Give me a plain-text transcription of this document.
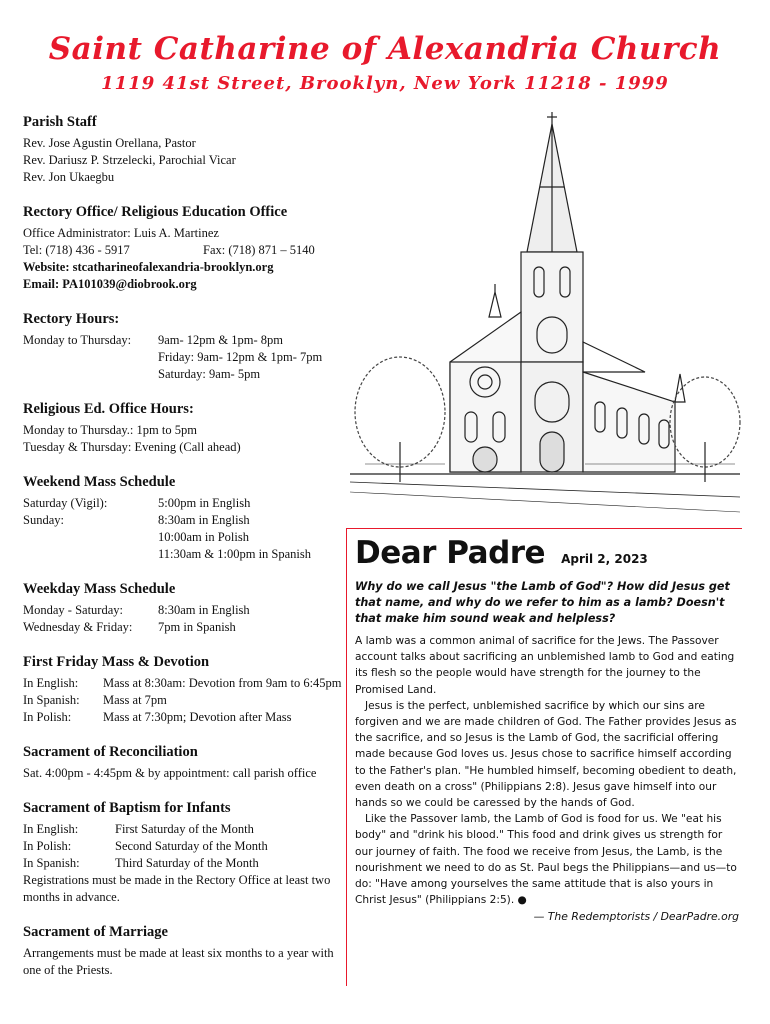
Saint Catharine of Alexandria Church
1119 41st Street, Brooklyn, New York 11218 - 1999
Parish Staff
Rev. Jose Agustin Orellana, Pastor
Rev. Dariusz P. Strzelecki, Parochial Vicar
Rev. Jon Ukaegbu
Rectory Office/ Religious Education Office
Office Administrator: Luis A. Martinez
Tel: (718) 436 - 5917	Fax: (718) 871 – 5140
Website: stcatharineofalexandria-brooklyn.org
Email: PA101039@diobrook.org
Rectory Hours:
Monday to Thursday:	9am- 12pm & 1pm- 8pm
Friday: 9am- 12pm & 1pm- 7pm
Saturday: 9am- 5pm
Religious Ed. Office Hours:
Monday to Thursday.: 1pm to 5pm
Tuesday & Thursday: Evening (Call ahead)
Weekend Mass Schedule
Saturday (Vigil):	5:00pm in English
Sunday:	8:30am in English
10:00am in Polish
11:30am & 1:00pm in Spanish
Weekday Mass Schedule
Monday - Saturday:	8:30am in English
Wednesday & Friday:	7pm in Spanish
First Friday Mass & Devotion
In English:	Mass at 8:30am: Devotion from 9am to 6:45pm
In Spanish:	Mass at 7pm
In Polish:	Mass at 7:30pm; Devotion after Mass
Sacrament of Reconciliation
Sat. 4:00pm - 4:45pm & by appointment: call parish office
Sacrament of Baptism for Infants
In English:	First Saturday of the Month
In Polish:	Second Saturday of the Month
In Spanish:	Third Saturday of the Month
Registrations must be made in the Rectory Office at least two months in advance.
Sacrament of Marriage
Arrangements must be made at least six months to a year with one of the Priests.
Dear Padre April 2, 2023
Why do we call Jesus "the Lamb of God"? How did Jesus get that name, and why do we refer to him as a lamb? Doesn't that make him sound weak and helpless?

A lamb was a common animal of sacrifice for the Jews. The Passover account talks about sacrificing an unblemished lamb to God and eating its flesh so the people would have strength for the journey to the Promised Land.

Jesus is the perfect, unblemished sacrifice by which our sins are forgiven and we are made children of God. The Father provides Jesus as the sacrifice, and so Jesus is the Lamb of God, the sacrificial offering made because God loves us. Jesus chose to sacrifice himself according to the Father's plan. "He humbled himself, becoming obedient to death, even death on a cross" (Philippians 2:8). Jesus gave himself into our hands so we could be caressed by the hands of God.

Like the Passover lamb, the Lamb of God is food for us. We "eat his body" and "drink his blood." This food and drink gives us strength for our journey of faith. The food we receive from Jesus, the Lamb, is the nourishment we need to do as St. Paul begs the Philippians—and us—to do: "Have among yourselves the same attitude that is also yours in Christ Jesus" (Philippians 2:5). ●

— The Redemptorists / DearPadre.org
